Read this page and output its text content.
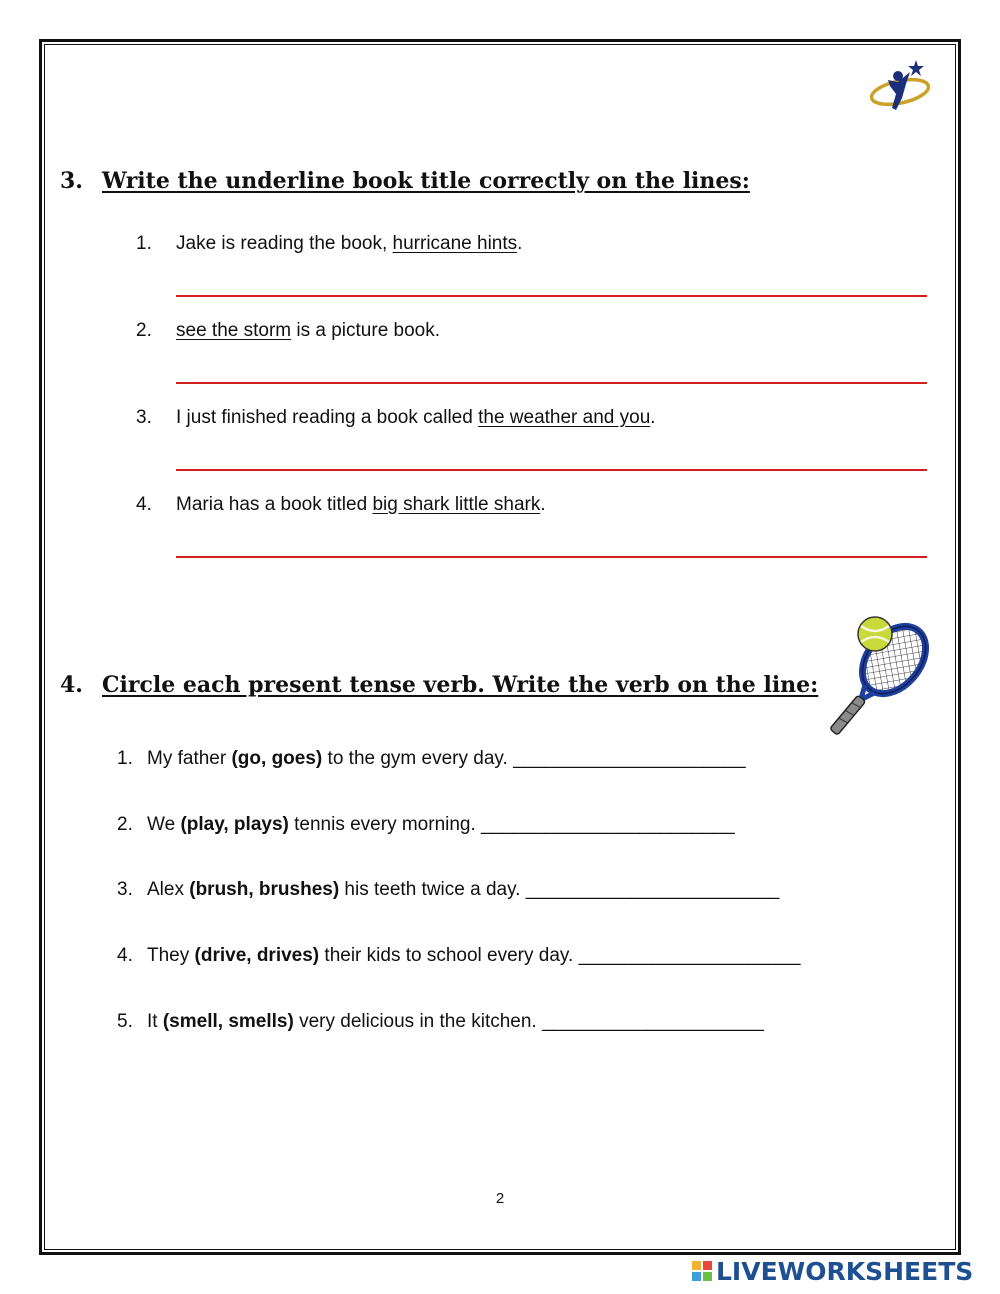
3. Write the underline book title correctly on the lines:
1. Jake is reading the book, hurricane hints.
2. see the storm is a picture book.
3. I just finished reading a book called the weather and you.
4. Maria has a book titled big shark little shark.
4. Circle each present tense verb. Write the verb on the line:
1. My father (go, goes) to the gym every day. ______________________
2. We (play, plays) tennis every morning. ________________________
3. Alex (brush, brushes) his teeth twice a day. ________________________
4. They (drive, drives) their kids to school every day. _____________________
5. It (smell, smells) very delicious in the kitchen. _____________________
2
LIVEWORKSHEETS
